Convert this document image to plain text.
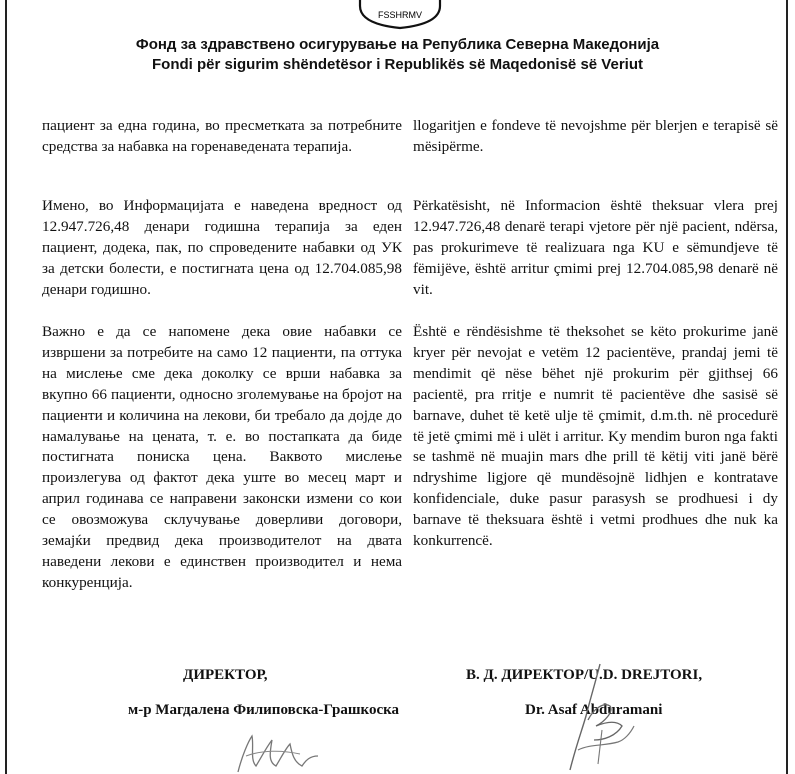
FSSHRMV
Фонд за здравствено осигурување на Република Северна Македонија
Fondi për sigurim shëndetësor i Republikës së Maqedonisë së Veriut

пациент за една година, во пресметката за потребните средства за набавка на горенаведената терапија.

Имено, во Информацијата е наведена вредност од 12.947.726,48 денари годишна терапија за еден пациент, додека, пак, по спроведените набавки од УК за детски болести, е постигната цена од 12.704.085,98 денари годишно.

Важно е да се напомене дека овие набавки се извршени за потребите на само 12 пациенти, па оттука на мислење сме дека доколку се врши набавка за вкупно 66 пациенти, односно зголемување на бројот на пациенти и количина на лекови, би требало да дојде до намалување на цената, т. е. во постапката да биде постигната пониска цена. Ваквото мислење произлегува од фактот дека уште во месец март и април годинава се направени законски измени со кои се овозможува склучување доверливи договори, земајќи предвид дека производителот на двата наведени лекови е единствен производител и нема конкуренција.

llogaritjen e fondeve të nevojshme për blerjen e terapisë së mësipërme.

Përkatësisht, në Informacion është theksuar vlera prej 12.947.726,48 denarë terapi vjetore për një pacient, ndërsa, pas prokurimeve të realizuara nga KU e sëmundjeve të fëmijëve, është arritur çmimi prej 12.704.085,98 denarë në vit.

Është e rëndësishme të theksohet se këto prokurime janë kryer për nevojat e vetëm 12 pacientëve, prandaj jemi të mendimit që nëse bëhet një prokurim për gjithsej 66 pacientë, pra rritje e numrit të pacientëve dhe sasisë së barnave, duhet të ketë ulje të çmimit, d.m.th. në procedurë të jetë çmimi më i ulët i arritur. Ky mendim buron nga fakti se tashmë në muajin mars dhe prill të këtij viti janë bërë ndryshime ligjore që mundësojnë lidhjen e kontratave konfidenciale, duke pasur parasysh se prodhuesi i dy barnave të theksuara është i vetmi prodhues dhe nuk ka konkurrencë.

ДИРЕКТОР,
м-р Магдалена Филиповска-Грашкоска
В. Д. ДИРЕКТОР/U.D. DREJTORI,
Dr. Asaf Abduramani
